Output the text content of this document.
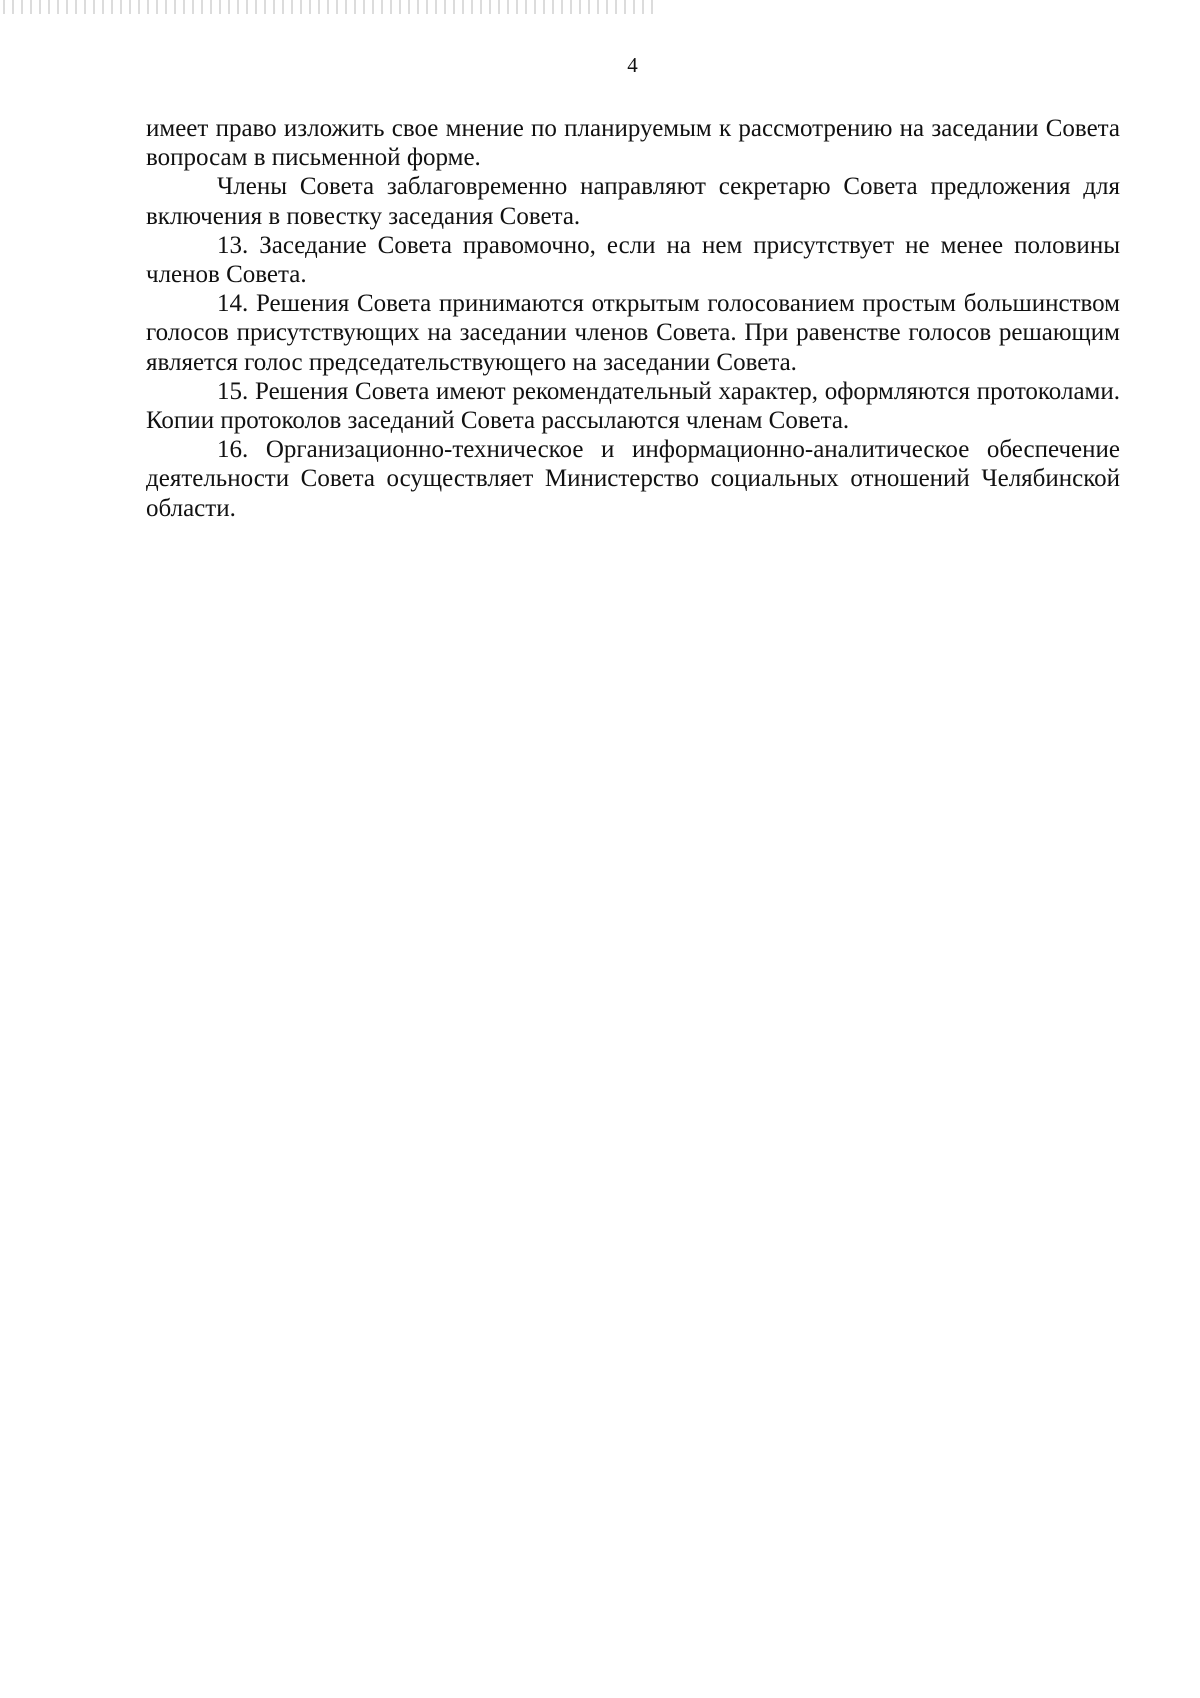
4

имеет право изложить свое мнение по планируемым к рассмотрению на заседании Совета вопросам в письменной форме.

Члены Совета заблаговременно направляют секретарю Совета предложения для включения в повестку заседания Совета.

13. Заседание Совета правомочно, если на нем присутствует не менее половины членов Совета.

14. Решения Совета принимаются открытым голосованием простым большинством голосов присутствующих на заседании членов Совета. При равенстве голосов решающим является голос председательствующего на заседании Совета.

15. Решения Совета имеют рекомендательный характер, оформляются протоколами. Копии протоколов заседаний Совета рассылаются членам Совета.

16. Организационно-техническое и информационно-аналитическое обеспечение деятельности Совета осуществляет Министерство социальных отношений Челябинской области.
